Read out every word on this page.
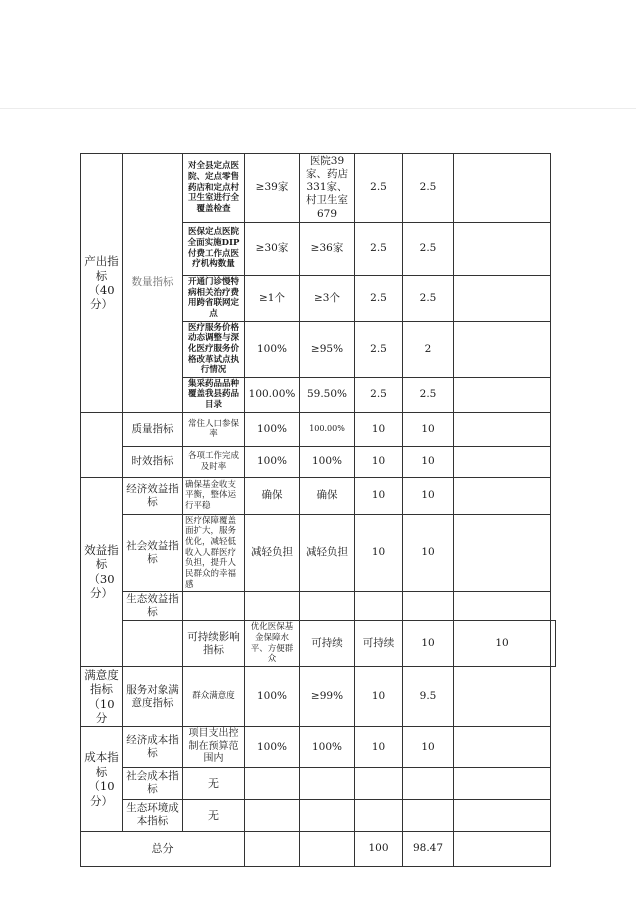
产出指标（40分）	数量指标	对全县定点医院、定点零售药店和定点村卫生室进行全覆盖检查	≥39家	医院39家、药店331家、村卫生室679	2.5	2.5		
		医保定点医院全面实施DIP付费工作点医疗机构数量	≥30家	≥36家	2.5	2.5		
		开通门诊慢特病相关治疗费用跨省联网定点	≥1个	≥3个	2.5	2.5		
		医疗服务价格动态调整与深化医疗服务价格改革试点执行情况	100%	≥95%	2.5	2		
		集采药品品种覆盖我县药品目录	100.00%	59.50%	2.5	2.5		
	质量指标	常住人口参保率	100%	100.00%	10	10		
	时效指标	各项工作完成及时率	100%	100%	10	10		
效益指标（30分）	经济效益指标	确保基金收支平衡，整体运行平稳	确保	确保	10	10		
	社会效益指标	医疗保障覆盖面扩大，服务优化，减轻低收入人群医疗负担，提升人民群众的幸福感	减轻负担	减轻负担	10	10		
	生态效益指标							
		可持续影响指标	优化医保基金保障水平、方便群众	可持续	可持续	10	10	
满意度指标（10分	服务对象满意度指标	群众满意度	100%	≥99%	10	9.5		
成本指标（10分）	经济成本指标	项目支出控制在预算范围内	100%	100%	10	10		
	社会成本指标	无						
	生态环境成本指标	无						
总分					100	98.47		
